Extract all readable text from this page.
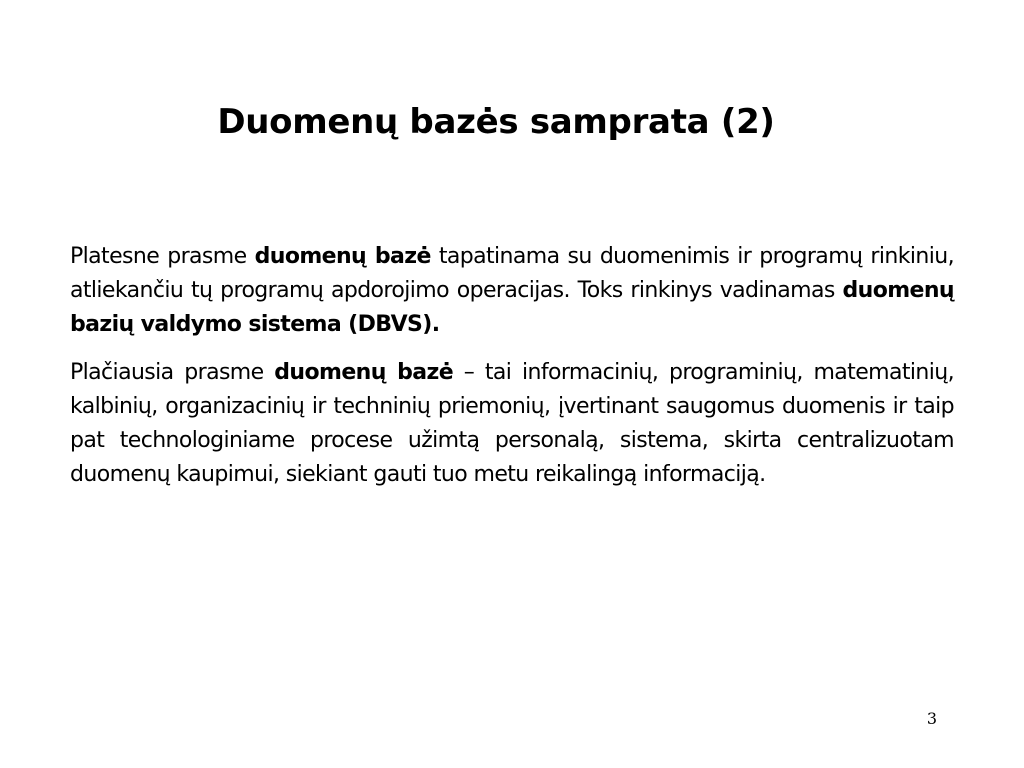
Duomenų bazės samprata (2)

Platesne prasme duomenų bazė tapatinama su duomenimis ir programų rinkiniu, atliekančiu tų programų apdorojimo operacijas. Toks rinkinys vadinamas duomenų bazių valdymo sistema (DBVS).

Plačiausia prasme duomenų bazė – tai informacinių, programinių, matematinių, kalbinių, organizacinių ir techninių priemonių, įvertinant saugomus duomenis ir taip pat technologiniame procese užimtą personalą, sistema, skirta centralizuotam duomenų kaupimui, siekiant gauti tuo metu reikalingą informaciją.

3
